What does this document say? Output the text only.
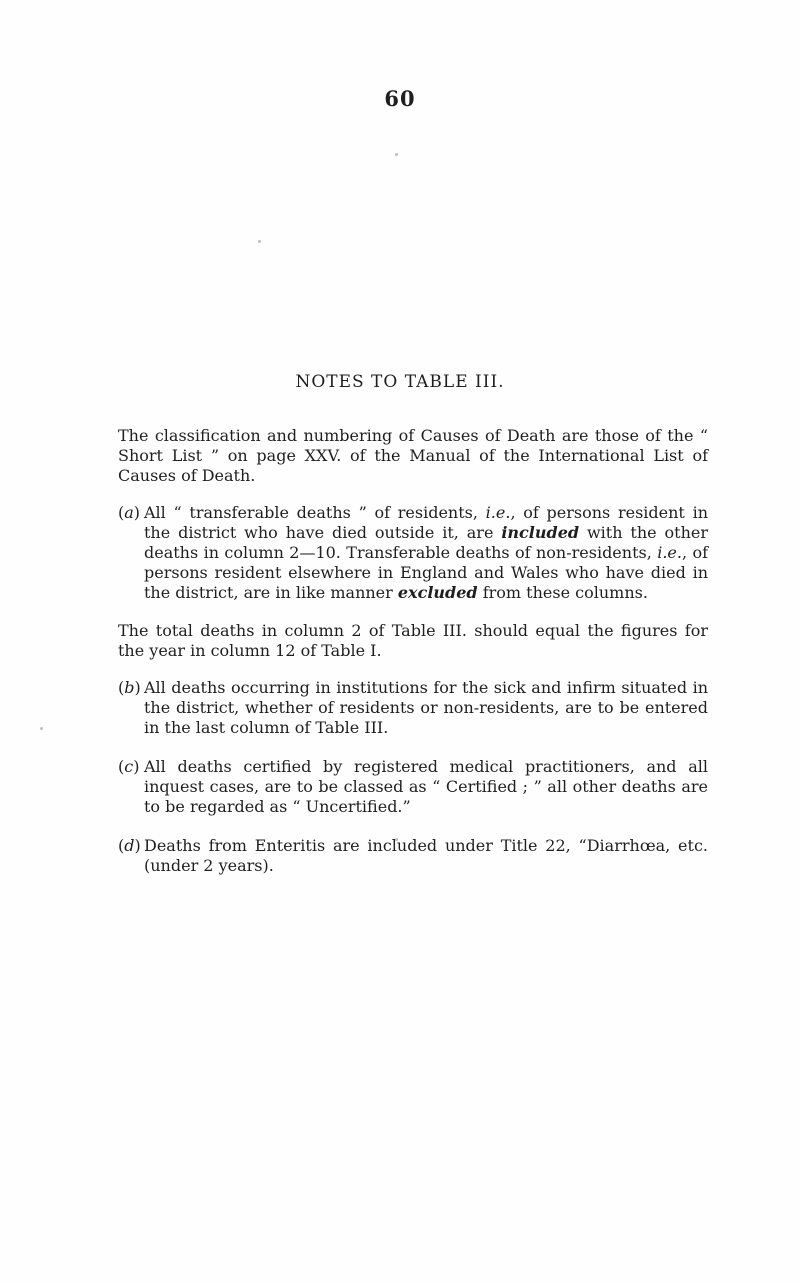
60
NOTES TO TABLE III.
The classification and numbering of Causes of Death are those of the “ Short List ” on page XXV. of the Manual of the International List of Causes of Death.
( a ) All “ transferable deaths ” of residents, i.e., of persons resident in the district who have died outside it, are included with the other deaths in column 2—10. Transferable deaths of non-residents, i.e., of persons resident elsewhere in England and Wales who have died in the district, are in like manner excluded from these columns.
The total deaths in column 2 of Table III. should equal the figures for the year in column 12 of Table I.
( b ) All deaths occurring in institutions for the sick and infirm situated in the district, whether of residents or non-residents, are to be entered in the last column of Table III.
( c ) All deaths certified by registered medical practitioners, and all inquest cases, are to be classed as “ Certified ; ” all other deaths are to be regarded as “ Uncertified.”
( d ) Deaths from Enteritis are included under Title 22, “Diarrhœa, etc. (under 2 years).
